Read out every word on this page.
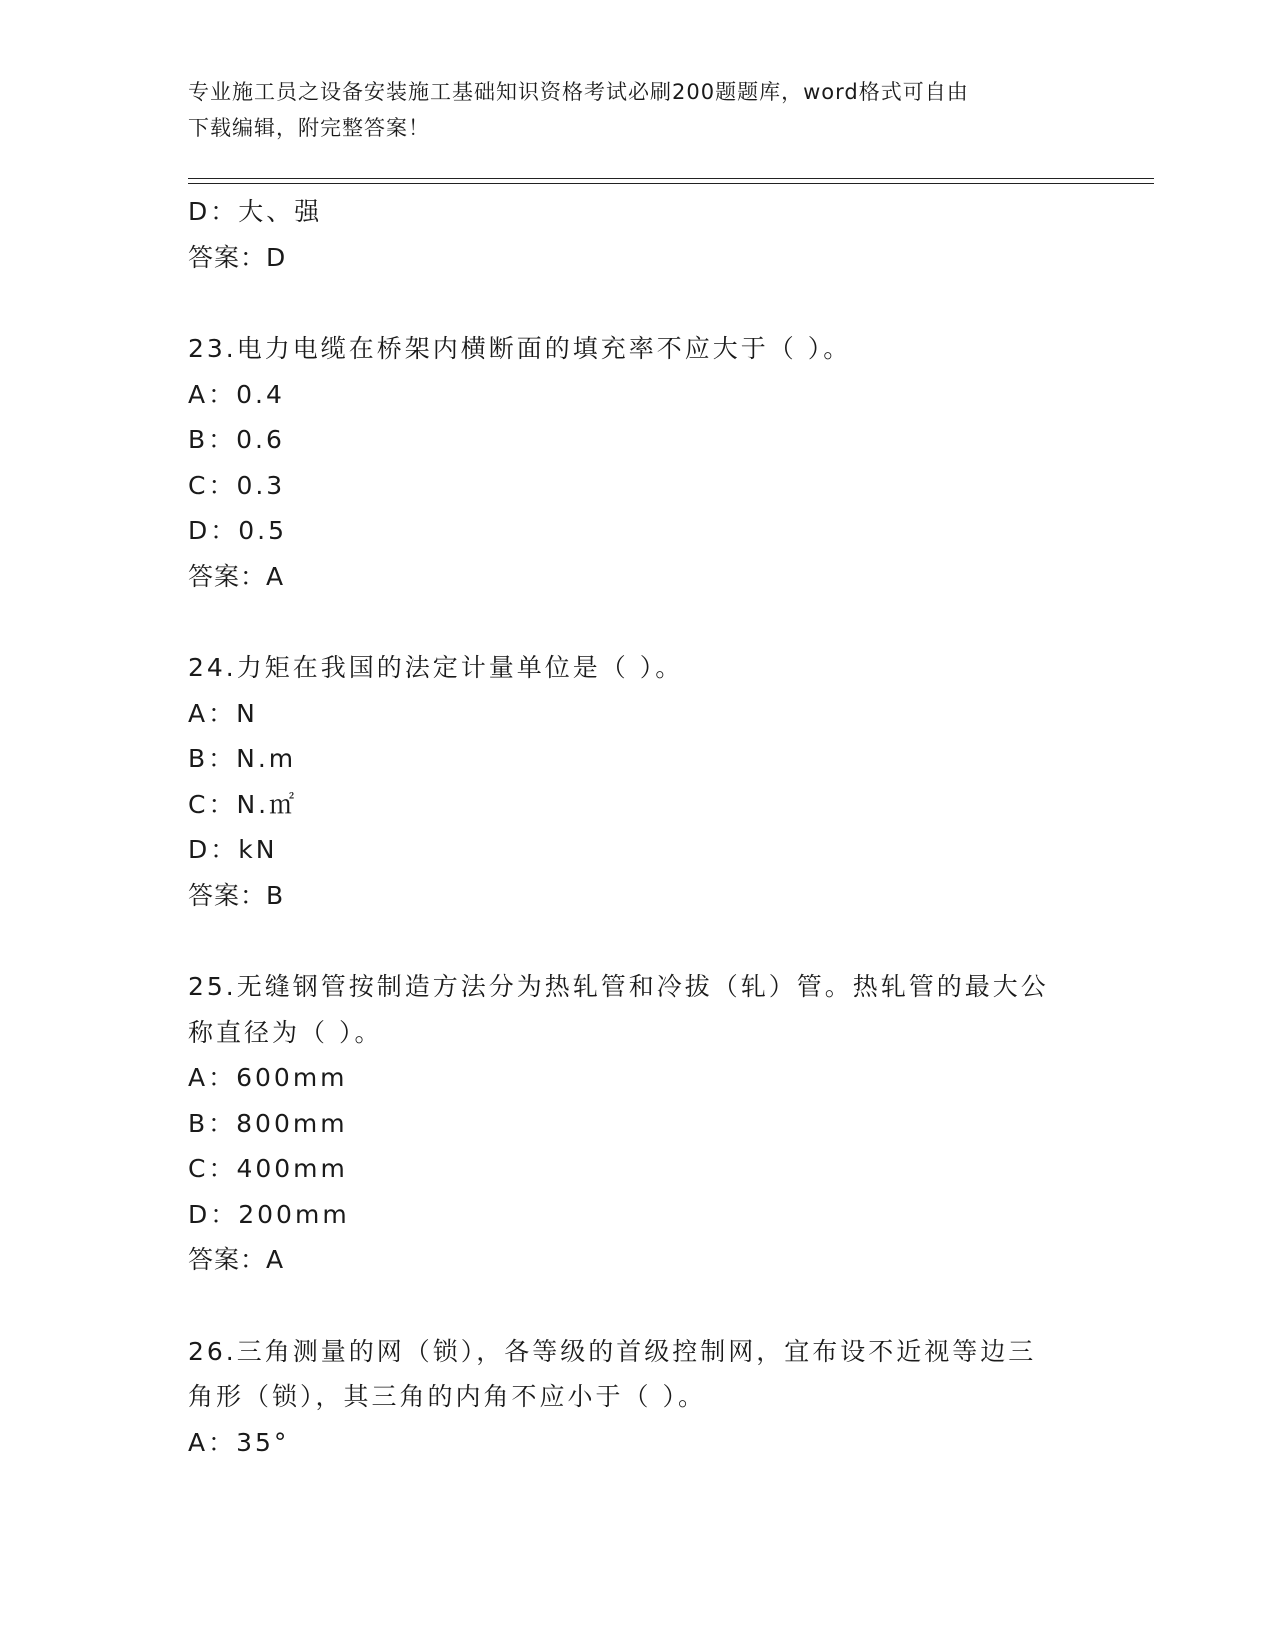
专业施工员之设备安装施工基础知识资格考试必刷200题题库，word格式可自由
下载编辑，附完整答案！
D：大、强
答案：D
23.电力电缆在桥架内横断面的填充率不应大于（ ）。
A：0.4
B：0.6
C：0.3
D：0.5
答案：A
24.力矩在我国的法定计量单位是（ ）。
A：N
B：N.m
C：N.㎡
D：kN
答案：B
25.无缝钢管按制造方法分为热轧管和冷拔（轧）管。热轧管的最大公
称直径为（ ）。
A：600mm
B：800mm
C：400mm
D：200mm
答案：A
26.三角测量的网（锁），各等级的首级控制网，宜布设不近视等边三
角形（锁），其三角的内角不应小于（ ）。
A：35°
